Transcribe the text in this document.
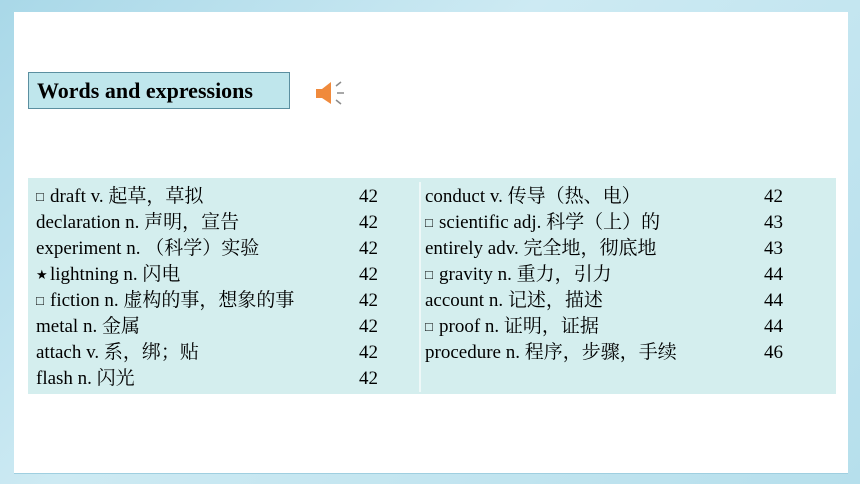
Words and expressions
□ draft v. 起草，草拟	42
declaration n. 声明，宣告	42
experiment n. （科学）实验	42
★ lightning n. 闪电	42
□ fiction n. 虚构的事，想象的事	42
metal n. 金属	42
attach v. 系，绑；贴	42
flash n. 闪光	42
conduct v. 传导（热、电）	42
□ scientific adj. 科学（上）的	43
entirely adv. 完全地，彻底地	43
□ gravity n. 重力，引力	44
account n. 记述，描述	44
□ proof n. 证明，证据	44
procedure n. 程序，步骤，手续	46
